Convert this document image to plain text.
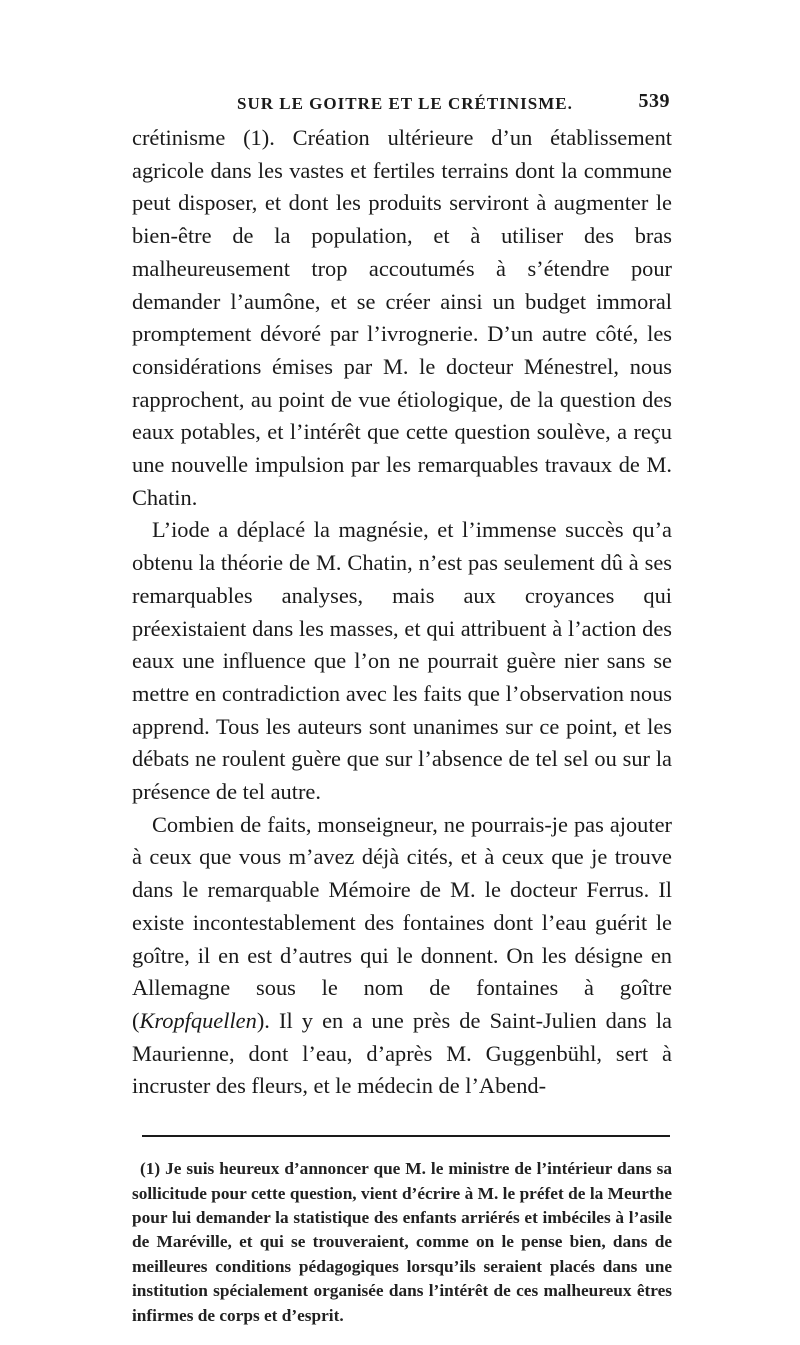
SUR LE GOITRE ET LE CRÉTINISME.	539

crétinisme (1). Création ultérieure d’un établissement agricole dans les vastes et fertiles terrains dont la commune peut disposer, et dont les produits serviront à augmenter le bien-être de la population, et à utiliser des bras malheureusement trop accoutumés à s’étendre pour demander l’aumône, et se créer ainsi un budget immoral promptement dévoré par l’ivrognerie. D’un autre côté, les considérations émises par M. le docteur Ménestrel, nous rapprochent, au point de vue étiologique, de la question des eaux potables, et l’intérêt que cette question soulève, a reçu une nouvelle impulsion par les remarquables travaux de M. Chatin.

L’iode a déplacé la magnésie, et l’immense succès qu’a obtenu la théorie de M. Chatin, n’est pas seulement dû à ses remarquables analyses, mais aux croyances qui préexistaient dans les masses, et qui attribuent à l’action des eaux une influence que l’on ne pourrait guère nier sans se mettre en contradiction avec les faits que l’observation nous apprend. Tous les auteurs sont unanimes sur ce point, et les débats ne roulent guère que sur l’absence de tel sel ou sur la présence de tel autre.

Combien de faits, monseigneur, ne pourrais-je pas ajouter à ceux que vous m’avez déjà cités, et à ceux que je trouve dans le remarquable Mémoire de M. le docteur Ferrus. Il existe incontestablement des fontaines dont l’eau guérit le goître, il en est d’autres qui le donnent. On les désigne en Allemagne sous le nom de fontaines à goître (Kropfquellen). Il y en a une près de Saint-Julien dans la Maurienne, dont l’eau, d’après M. Guggenbühl, sert à incruster des fleurs, et le médecin de l’Abend-

(1) Je suis heureux d’annoncer que M. le ministre de l’intérieur dans sa sollicitude pour cette question, vient d’écrire à M. le préfet de la Meurthe pour lui demander la statistique des enfants arriérés et imbéciles à l’asile de Maréville, et qui se trouveraient, comme on le pense bien, dans de meilleures conditions pédagogiques lorsqu’ils seraient placés dans une institution spécialement organisée dans l’intérêt de ces malheureux êtres infirmes de corps et d’esprit.
